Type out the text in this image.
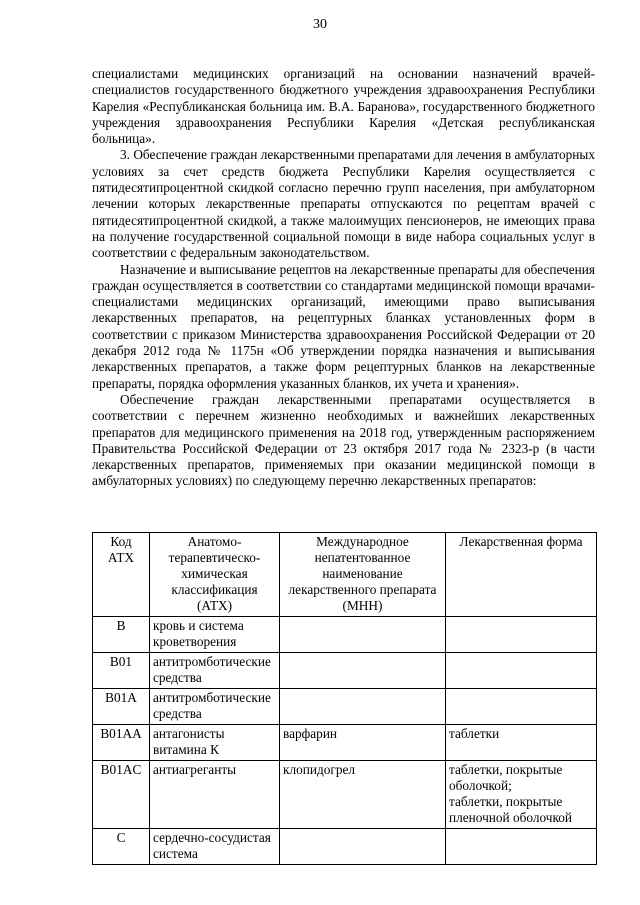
30

специалистами медицинских организаций на основании назначений врачей-специалистов государственного бюджетного учреждения здравоохранения Республики Карелия «Республиканская больница им. В.А. Баранова», государственного бюджетного учреждения здравоохранения Республики Карелия «Детская республиканская больница».

3. Обеспечение граждан лекарственными препаратами для лечения в амбулаторных условиях за счет средств бюджета Республики Карелия осуществляется с пятидесятипроцентной скидкой согласно перечню групп населения, при амбулаторном лечении которых лекарственные препараты отпускаются по рецептам врачей с пятидесятипроцентной скидкой, а также малоимущих пенсионеров, не имеющих права на получение государственной социальной помощи в виде набора социальных услуг в соответствии с федеральным законодательством.

Назначение и выписывание рецептов на лекарственные препараты для обеспечения граждан осуществляется в соответствии со стандартами медицинской помощи врачами-специалистами медицинских организаций, имеющими право выписывания лекарственных препаратов, на рецептурных бланках установленных форм в соответствии с приказом Министерства здравоохранения Российской Федерации от 20 декабря 2012 года № 1175н «Об утверждении порядка назначения и выписывания лекарственных препаратов, а также форм рецептурных бланков на лекарственные препараты, порядка оформления указанных бланков, их учета и хранения».

Обеспечение граждан лекарственными препаратами осуществляется в соответствии с перечнем жизненно необходимых и важнейших лекарственных препаратов для медицинского применения на 2018 год, утвержденным распоряжением Правительства Российской Федерации от 23 октября 2017 года № 2323-р (в части лекарственных препаратов, применяемых при оказании медицинской помощи в амбулаторных условиях) по следующему перечню лекарственных препаратов:

Код АТХ	Анатомо-терапевтическо-химическая классификация (АТХ)	Международное непатентованное наименование лекарственного препарата (МНН)	Лекарственная форма
B	кровь и система кроветворения		
B01	антитромботические средства		
B01A	антитромботические средства		
B01AA	антагонисты витамина К	варфарин	таблетки

B01AC	антиагреганты	клопидогрел	таблетки, покрытые оболочкой;
таблетки, покрытые пленочной оболочкой

C	сердечно-сосудистая система		
